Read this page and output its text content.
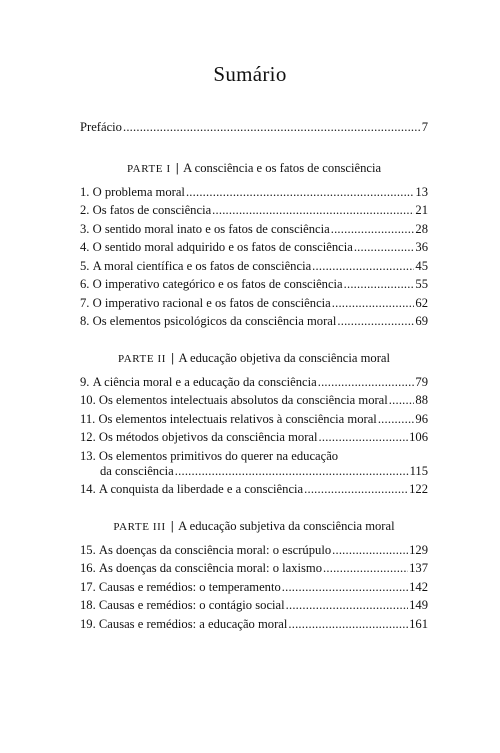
Sumário
Prefácio .....	7
PARTE I | A consciência e os fatos de consciência
1.
O problema moral .....	13
2.
Os fatos de consciência .....	21
3.
O sentido moral inato e os fatos de consciência .....	28
4.
O sentido moral adquirido e os fatos de consciência .....	36
5.
A moral científica e os fatos de consciência .....	45
6.
O imperativo categórico e os fatos de consciência .....	55
7.
O imperativo racional e os fatos de consciência .....	62
8.
Os elementos psicológicos da consciência moral .....	69
PARTE II | A educação objetiva da consciência moral
9.
A ciência moral e a educação da consciência .....	79
10.
Os elementos intelectuais absolutos da consciência moral ..... 88
11.
Os elementos intelectuais relativos à consciência moral .....	96
12.
Os métodos objetivos da consciência moral .....	106
13. Os elementos primitivos do querer na educação
da consciência .....	115
14.
A conquista da liberdade e a consciência .....	122
PARTE III | A educação subjetiva da consciência moral
15.
As doenças da consciência moral: o escrúpulo .....	129
16.
As doenças da consciência moral: o laxismo .....	137
17.
Causas e remédios: o temperamento .....	142
18.
Causas e remédios: o contágio social .....	149
19.
Causas e remédios: a educação moral .....	161
